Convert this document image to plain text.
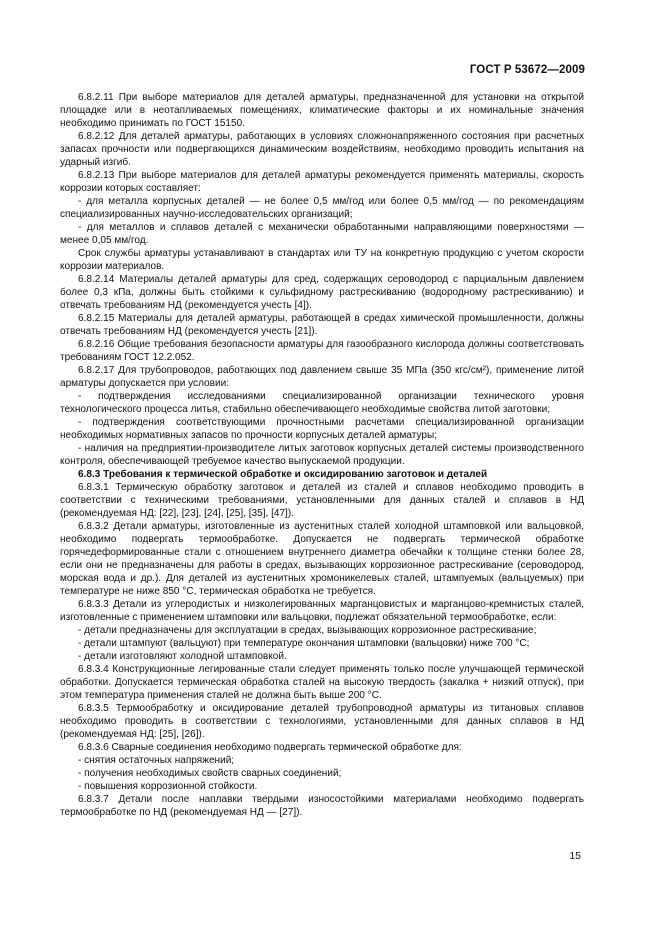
ГОСТ Р 53672—2009

6.8.2.11 При выборе материалов для деталей арматуры, предназначенной для установки на открытой площадке или в неотапливаемых помещениях, климатические факторы и их номинальные значения необходимо принимать по ГОСТ 15150.

6.8.2.12 Для деталей арматуры, работающих в условиях сложнонапряженного состояния при расчетных запасах прочности или подвергающихся динамическим воздействиям, необходимо проводить испытания на ударный изгиб.

6.8.2.13 При выборе материалов для деталей арматуры рекомендуется применять материалы, скорость коррозии которых составляет:

- для металла корпусных деталей — не более 0,5 мм/год или более 0,5 мм/год — по рекомендациям специализированных научно-исследовательских организаций;

- для металлов и сплавов деталей с механически обработанными направляющими поверхностями — менее 0,05 мм/год.

Срок службы арматуры устанавливают в стандартах или ТУ на конкретную продукцию с учетом скорости коррозии материалов.

6.8.2.14 Материалы деталей арматуры для сред, содержащих сероводород с парциальным давлением более 0,3 кПа, должны быть стойкими к сульфидному растрескиванию (водородному растрескиванию) и отвечать требованиям НД (рекомендуется учесть [4]).

6.8.2.15 Материалы для деталей арматуры, работающей в средах химической промышленности, должны отвечать требованиям НД (рекомендуется учесть [21]).

6.8.2.16 Общие требования безопасности арматуры для газообразного кислорода должны соответствовать требованиям ГОСТ 12.2.052.

6.8.2.17 Для трубопроводов, работающих под давлением свыше 35 МПа (350 кгс/см²), применение литой арматуры допускается при условии:

- подтверждения исследованиями специализированной организации технического уровня технологического процесса литья, стабильно обеспечивающего необходимые свойства литой заготовки;

- подтверждения соответствующими прочностными расчетами специализированной организации необходимых нормативных запасов по прочности корпусных деталей арматуры;

- наличия на предприятии-производителе литых заготовок корпусных деталей системы производственного контроля, обеспечивающей требуемое качество выпускаемой продукции.

6.8.3 Требования к термической обработке и оксидированию заготовок и деталей

6.8.3.1 Термическую обработку заготовок и деталей из сталей и сплавов необходимо проводить в соответствии с техническими требованиями, установленными для данных сталей и сплавов в НД (рекомендуемая НД: [22], [23], [24], [25], [35], [47]).

6.8.3.2 Детали арматуры, изготовленные из аустенитных сталей холодной штамповкой или вальцовкой, необходимо подвергать термообработке. Допускается не подвергать термической обработке горячедеформированные стали с отношением внутреннего диаметра обечайки к толщине стенки более 28, если они не предназначены для работы в средах, вызывающих коррозионное растрескивание (сероводород, морская вода и др.). Для деталей из аустенитных хромоникелевых сталей, штампуемых (вальцуемых) при температуре не ниже 850 °С, термическая обработка не требуется.

6.8.3.3 Детали из углеродистых и низколегированных марганцовистых и марганцово-кремнистых сталей, изготовленные с применением штамповки или вальцовки, подлежат обязательной термообработке, если:

- детали предназначены для эксплуатации в средах, вызывающих коррозионное растрескивание;

- детали штампуют (вальцуют) при температуре окончания штамповки (вальцовки) ниже 700 °С;

- детали изготовляют холодной штамповкой.

6.8.3.4 Конструкционные легированные стали следует применять только после улучшающей термической обработки. Допускается термическая обработка сталей на высокую твердость (закалка + низкий отпуск), при этом температура применения сталей не должна быть выше 200 °С.

6.8.3.5 Термообработку и оксидирование деталей трубопроводной арматуры из титановых сплавов необходимо проводить в соответствии с технологиями, установленными для данных сплавов в НД (рекомендуемая НД: [25], [26]).

6.8.3.6 Сварные соединения необходимо подвергать термической обработке для:

- снятия остаточных напряжений;

- получения необходимых свойств сварных соединений;

- повышения коррозионной стойкости.

6.8.3.7 Детали после наплавки твердыми износостойкими материалами необходимо подвергать термообработке по НД (рекомендуемая НД — [27]).

15
